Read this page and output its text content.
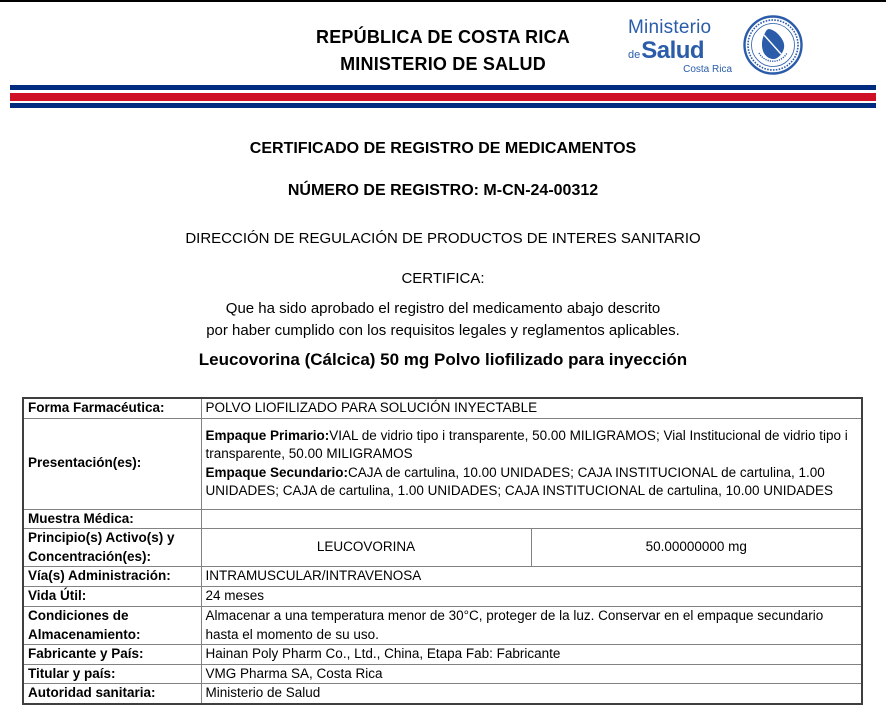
REPÚBLICA DE COSTA RICA
MINISTERIO DE SALUD
Ministerio
deSalud
Costa Rica
CERTIFICADO DE REGISTRO DE MEDICAMENTOS
NÚMERO DE REGISTRO: M-CN-24-00312
DIRECCIÓN DE REGULACIÓN DE PRODUCTOS DE INTERES SANITARIO
CERTIFICA:
Que ha sido aprobado el registro del medicamento abajo descrito
por haber cumplido con los requisitos legales y reglamentos aplicables.
Leucovorina (Cálcica) 50 mg Polvo liofilizado para inyección
Forma Farmacéutica:	POLVO LIOFILIZADO PARA SOLUCIÓN INYECTABLE	
Presentación(es):	Empaque Primario:VIAL de vidrio tipo i transparente, 50.00 MILIGRAMOS; Vial Institucional de vidrio tipo i transparente, 50.00 MILIGRAMOS
Empaque Secundario:CAJA de cartulina, 10.00 UNIDADES; CAJA INSTITUCIONAL de cartulina, 1.00 UNIDADES; CAJA de cartulina, 1.00 UNIDADES; CAJA INSTITUCIONAL de cartulina, 10.00 UNIDADES	

Muestra Médica:		
Principio(s) Activo(s) y Concentración(es):	LEUCOVORINA	50.00000000 mg
Vía(s) Administración:	INTRAMUSCULAR/INTRAVENOSA	
Vida Útil:	24 meses	
Condiciones de Almacenamiento:	Almacenar a una temperatura menor de 30°C, proteger de la luz. Conservar en el empaque secundario hasta el momento de su uso.	
Fabricante y País:	Hainan Poly Pharm Co., Ltd., China, Etapa Fab: Fabricante	
Titular y país:	VMG Pharma SA, Costa Rica	
Autoridad sanitaria:	Ministerio de Salud	
